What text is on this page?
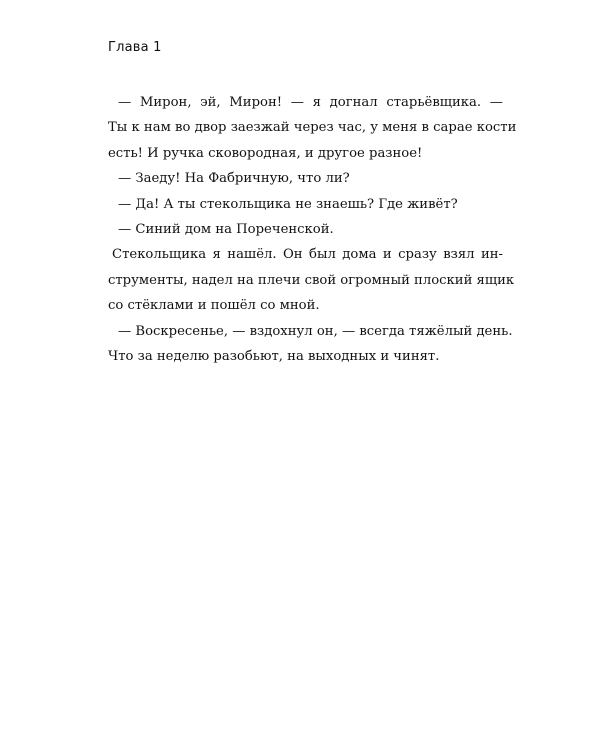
Глава 1
— Мирон, эй, Мирон! — я догнал старьёвщика. —
Ты к нам во двор заезжай через час, у меня в сарае кости
есть! И ручка сковородная, и другое разное!
— Заеду! На Фабричную, что ли?
— Да! А ты стекольщика не знаешь? Где живёт?
— Синий дом на Пореченской.
Стекольщика я нашёл. Он был дома и сразу взял ин-
струменты, надел на плечи свой огромный плоский ящик
со стёклами и пошёл со мной.
— Воскресенье, — вздохнул он, — всегда тяжёлый день.
Что за неделю разобьют, на выходных и чинят.
